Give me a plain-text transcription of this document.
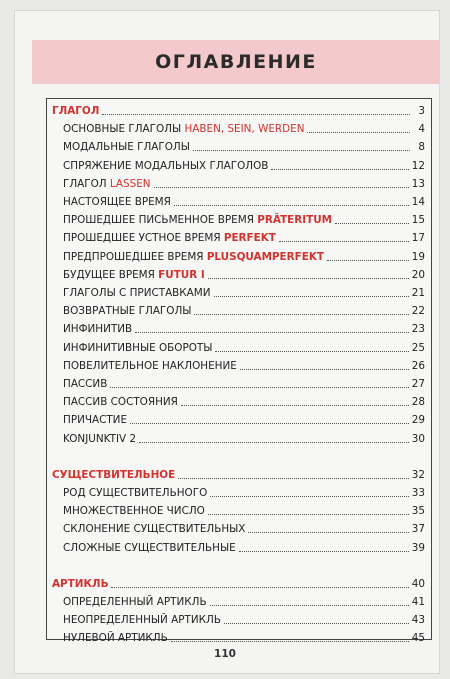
ОГЛАВЛЕНИЕ
ГЛАГОЛ	3
ОСНОВНЫЕ ГЛАГОЛЫ HABEN, SEIN, WERDEN	4
МОДАЛЬНЫЕ ГЛАГОЛЫ	8
СПРЯЖЕНИЕ МОДАЛЬНЫХ ГЛАГОЛОВ	12
ГЛАГОЛ LASSEN	13
НАСТОЯЩЕЕ ВРЕМЯ	14
ПРОШЕДШЕЕ ПИСЬМЕННОЕ ВРЕМЯ PRÄTERITUM	15
ПРОШЕДШЕЕ УСТНОЕ ВРЕМЯ PERFEKT	17
ПРЕДПРОШЕДШЕЕ ВРЕМЯ PLUSQUAMPERFEKT	19
БУДУЩЕЕ ВРЕМЯ FUTUR I	20
ГЛАГОЛЫ С ПРИСТАВКАМИ	21
ВОЗВРАТНЫЕ ГЛАГОЛЫ	22
ИНФИНИТИВ	23
ИНФИНИТИВНЫЕ ОБОРОТЫ	25
ПОВЕЛИТЕЛЬНОЕ НАКЛОНЕНИЕ	26
ПАССИВ	27
ПАССИВ СОСТОЯНИЯ	28
ПРИЧАСТИЕ	29
KONJUNKTIV 2	30
СУЩЕСТВИТЕЛЬНОЕ	32
РОД СУЩЕСТВИТЕЛЬНОГО	33
МНОЖЕСТВЕННОЕ ЧИСЛО	35
СКЛОНЕНИЕ СУЩЕСТВИТЕЛЬНЫХ	37
СЛОЖНЫЕ СУЩЕСТВИТЕЛЬНЫЕ	39
АРТИКЛЬ	40
ОПРЕДЕЛЕННЫЙ АРТИКЛЬ	41
НЕОПРЕДЕЛЕННЫЙ АРТИКЛЬ	43
НУЛЕВОЙ АРТИКЛЬ	45
110
